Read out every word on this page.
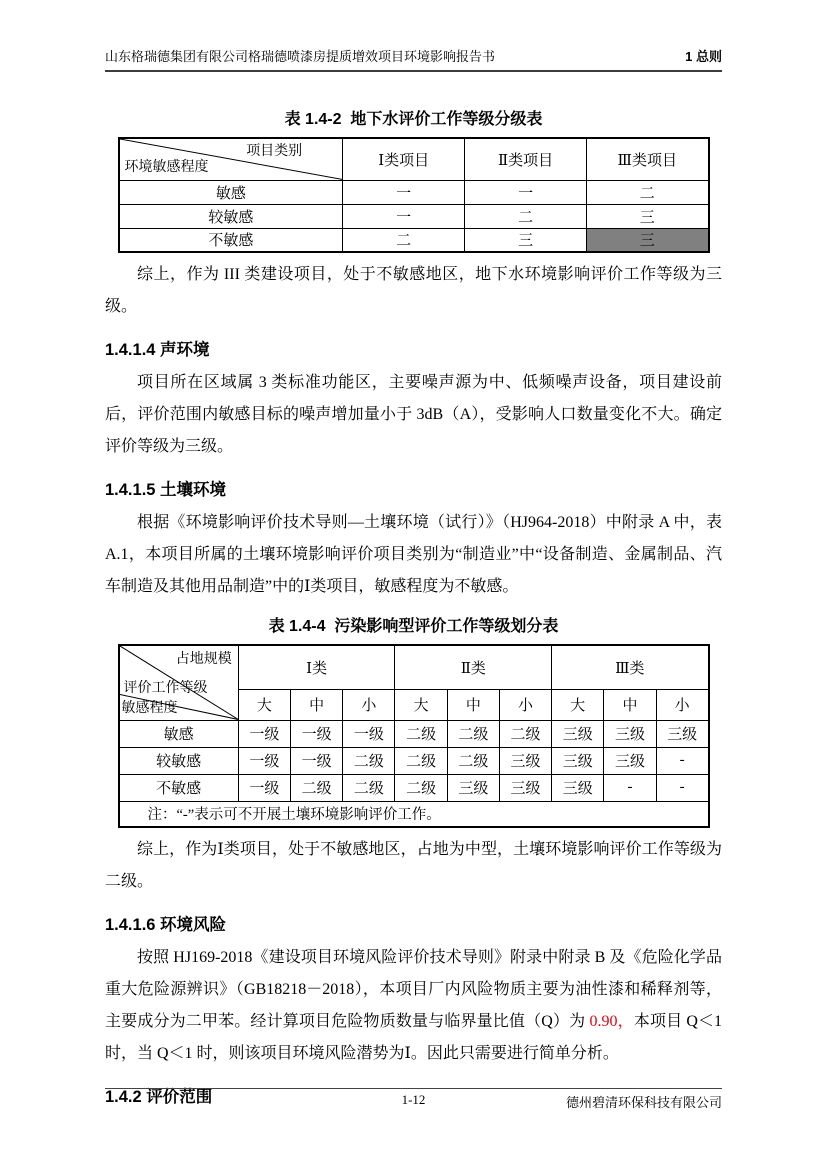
山东格瑞德集团有限公司格瑞德喷漆房提质增效项目环境影响报告书	1 总则
表 1.4-2  地下水评价工作等级分级表
项目类别
环境敏感程度	Ⅰ类项目	Ⅱ类项目	Ⅲ类项目
敏感	一	一	二
较敏感	一	二	三
不敏感	二	三	三

综上，作为 III 类建设项目，处于不敏感地区，地下水环境影响评价工作等级为三级。

1.4.1.4 声环境

项目所在区域属 3 类标准功能区，主要噪声源为中、低频噪声设备，项目建设前后，评价范围内敏感目标的噪声增加量小于 3dB（A），受影响人口数量变化不大。确定评价等级为三级。

1.4.1.5 土壤环境

根据《环境影响评价技术导则—土壤环境（试行）》（HJ964-2018）中附录 A 中，表 A.1，本项目所属的土壤环境影响评价项目类别为“制造业”中“设备制造、金属制品、汽车制造及其他用品制造”中的Ⅰ类项目，敏感程度为不敏感。

表 1.4-4  污染影响型评价工作等级划分表
占地规模
评价工作等级
敏感程度	Ⅰ类			Ⅱ类			Ⅲ类		
	大	中	小	大	中	小	大	中	小
敏感	一级	一级	一级	二级	二级	二级	三级	三级	三级
较敏感	一级	一级	二级	二级	二级	三级	三级	三级	-
不敏感	一级	二级	二级	二级	三级	三级	三级	-	-
注：“-”表示可不开展土壤环境影响评价工作。									

综上，作为Ⅰ类项目，处于不敏感地区，占地为中型，土壤环境影响评价工作等级为二级。

1.4.1.6 环境风险

按照 HJ169-2018《建设项目环境风险评价技术导则》附录中附录 B 及《危险化学品重大危险源辨识》（GB18218－2018），本项目厂内风险物质主要为油性漆和稀释剂等，主要成分为二甲苯。经计算项目危险物质数量与临界量比值（Q）为 0.90，本项目 Q＜1 时，当 Q＜1 时，则该项目环境风险潜势为Ⅰ。因此只需要进行简单分析。

1.4.2 评价范围	1-12	德州碧清环保科技有限公司
